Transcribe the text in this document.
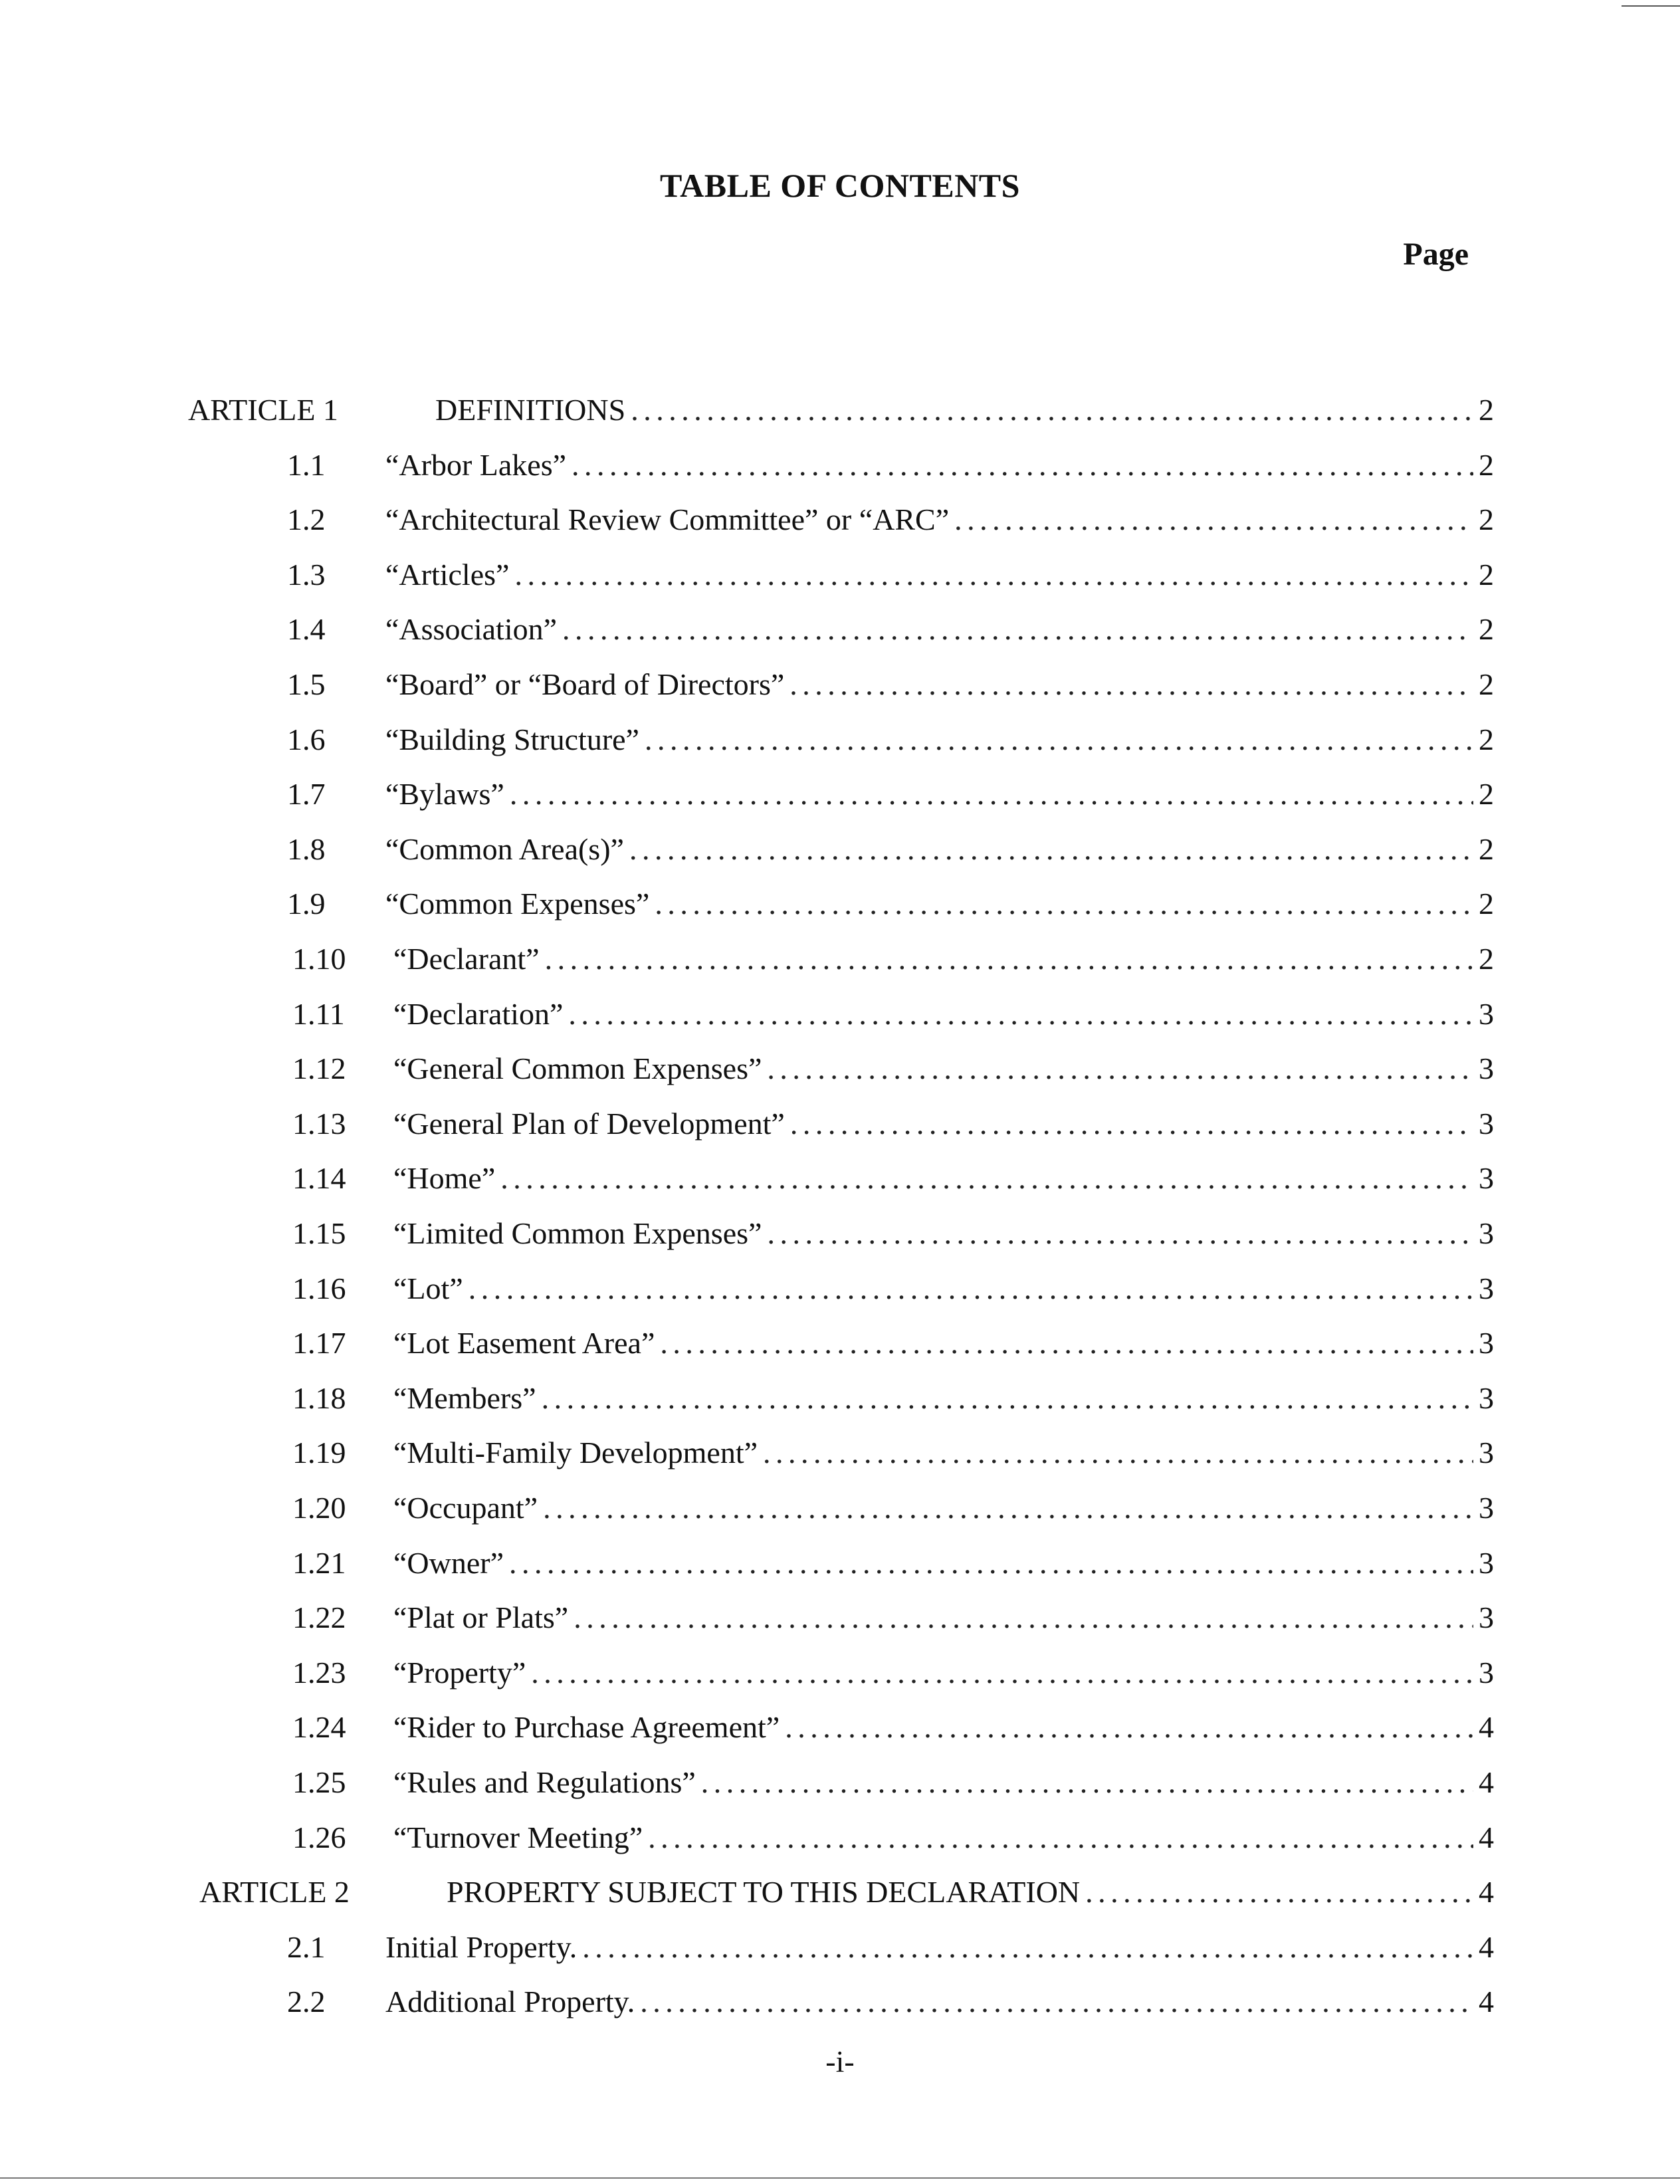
TABLE OF CONTENTS
Page
ARTICLE 1	DEFINITIONS . . .	2
1.1 “Arbor Lakes” . . .	2
1.2 “Architectural Review Committee” or “ARC” . . .	2
1.3 “Articles” . . .	2
1.4 “Association” . . .	2
1.5 “Board” or “Board of Directors” . . .	2
1.6 “Building Structure” . . .	2
1.7 “Bylaws” . . .	2
1.8 “Common Area(s)” . . .	2
1.9 “Common Expenses” . . .	2
1.10 “Declarant” . . .	2
1.11 “Declaration” . . .	3
1.12 “General Common Expenses” . . .	3
1.13 “General Plan of Development” . . .	3
1.14 “Home” . . .	3
1.15 “Limited Common Expenses” . . .	3
1.16 “Lot” . . .	3
1.17 “Lot Easement Area” . . .	3
1.18 “Members” . . .	3
1.19 “Multi-Family Development” . . .	3
1.20 “Occupant” . . .	3
1.21 “Owner” . . .	3
1.22 “Plat or Plats” . . .	3
1.23 “Property” . . .	3
1.24 “Rider to Purchase Agreement” . . .	4
1.25 “Rules and Regulations” . . .	4
1.26 “Turnover Meeting” . . .	4
ARTICLE 2	PROPERTY SUBJECT TO THIS DECLARATION . . .	4
2.1 Initial Property. . . .	4
2.2 Additional Property. . . .	4
-i-
